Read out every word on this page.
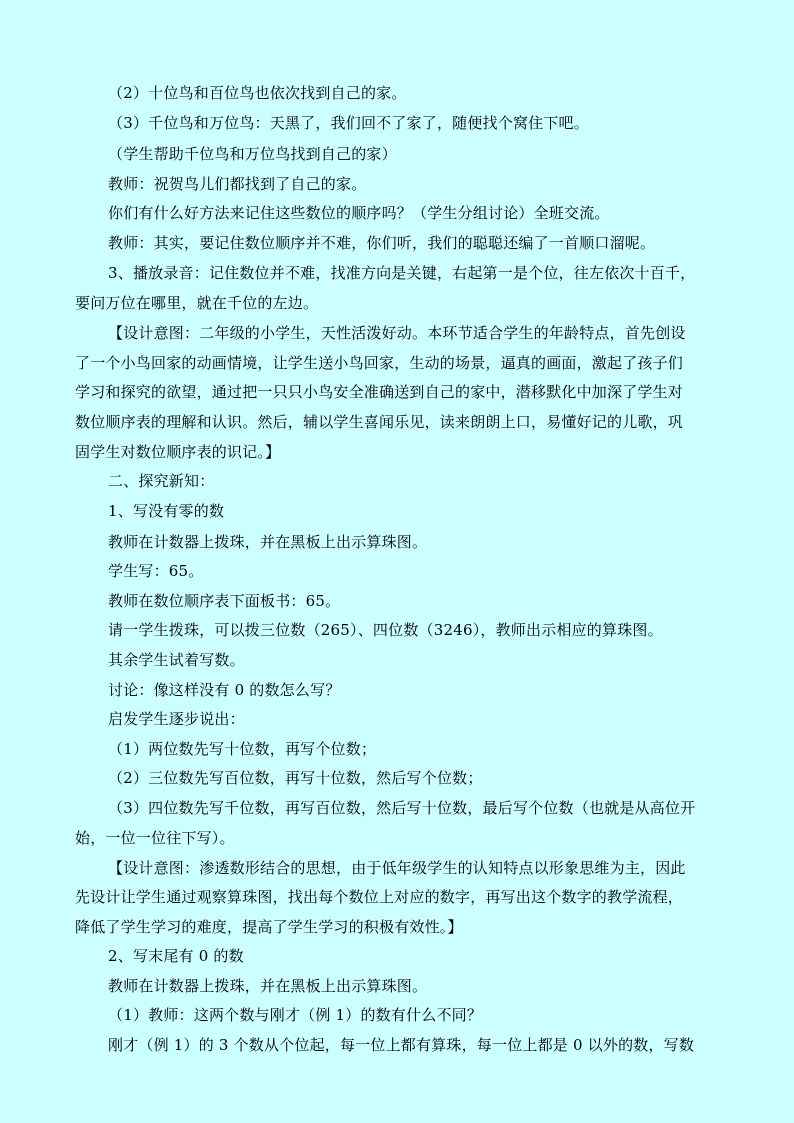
（2）十位鸟和百位鸟也依次找到自己的家。
（3）千位鸟和万位鸟：天黑了，我们回不了家了，随便找个窝住下吧。
（学生帮助千位鸟和万位鸟找到自己的家）
教师：祝贺鸟儿们都找到了自己的家。
你们有什么好方法来记住这些数位的顺序吗？（学生分组讨论）全班交流。
教师：其实，要记住数位顺序并不难，你们听，我们的聪聪还编了一首顺口溜呢。
3、播放录音：记住数位并不难，找准方向是关键，右起第一是个位，往左依次十百千，
要问万位在哪里，就在千位的左边。
【设计意图：二年级的小学生，天性活泼好动。本环节适合学生的年龄特点，首先创设
了一个小鸟回家的动画情境，让学生送小鸟回家，生动的场景，逼真的画面，激起了孩子们
学习和探究的欲望，通过把一只只小鸟安全准确送到自己的家中，潜移默化中加深了学生对
数位顺序表的理解和认识。然后，辅以学生喜闻乐见，读来朗朗上口，易懂好记的儿歌，巩
固学生对数位顺序表的识记。】
二、探究新知：
1、写没有零的数
教师在计数器上拨珠，并在黑板上出示算珠图。
学生写：65。
教师在数位顺序表下面板书：65。
请一学生拨珠，可以拨三位数（265）、四位数（3246），教师出示相应的算珠图。
其余学生试着写数。
讨论：像这样没有 0 的数怎么写？
启发学生逐步说出：
（1）两位数先写十位数，再写个位数；
（2）三位数先写百位数，再写十位数，然后写个位数；
（3）四位数先写千位数，再写百位数，然后写十位数，最后写个位数（也就是从高位开
始，一位一位往下写）。
【设计意图：渗透数形结合的思想，由于低年级学生的认知特点以形象思维为主，因此
先设计让学生通过观察算珠图，找出每个数位上对应的数字，再写出这个数字的教学流程，
降低了学生学习的难度，提高了学生学习的积极有效性。】
2、写末尾有 0 的数
教师在计数器上拨珠，并在黑板上出示算珠图。
（1）教师：这两个数与刚才（例 1）的数有什么不同？
刚才（例 1）的 3 个数从个位起，每一位上都有算珠，每一位上都是 0 以外的数，写数
